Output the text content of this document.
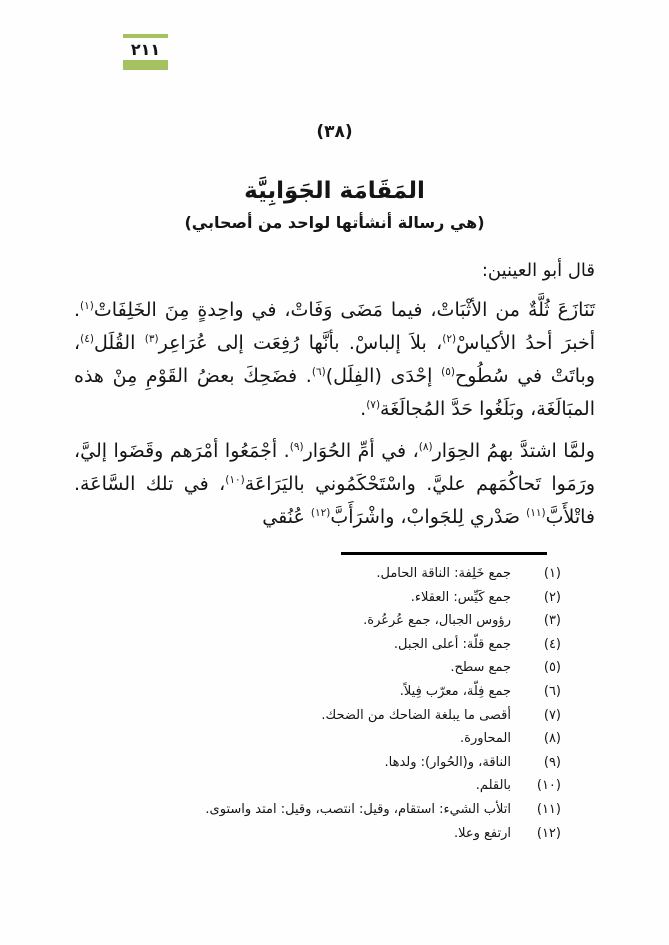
٢١١
(٣٨)
المَقَامَة الجَوَابِيَّة
(هي رسالة أنشأتها لواحد من أصحابي)
قال أبو العينين:

تَنَازَعَ ثُلَّةٌ من الأثْبَاتْ، فيما مَضَى وَفَاتْ، في واحِدةٍ مِنَ الخَلِفَاتْ$^{(١)}$. أخبرَ أحدُ الأكياسْ$^{(٢)}$، بلاَ إلباسْ. بأنَّها رُفِعَت إلى عُرَاعِر$^{(٣)}$ القُلَل$^{(٤)}$، وباتَتْ في سُطُوح$^{(٥)}$ إحْدَى (الفِلَل)$^{(٦)}$. فضَحِكَ بعضُ القَوْمِ مِنْ هذه المبَالَغَة، وبَلَغُوا حَدَّ المُجالَغَة$^{(٧)}$.

ولمَّا اشتدَّ بهمُ الحِوَار$^{(٨)}$، في أمِّ الحُوَار$^{(٩)}$. أجْمَعُوا أمْرَهم وقَضَوا إليَّ، ورَمَوا تَحاكُمَهم عليَّ. واسْتَحْكَمُوني باليَرَاعَة$^{(١٠)}$، في تلك السَّاعَة. فاتْلأَبَّ$^{(١١)}$ صَدْري لِلجَوابْ، واشْرَأَبَّ$^{(١٢)}$ عُنُقي

(١)
جمع خَلِفة: الناقة الحامل.
(٢)
جمع كَيِّس: العقلاء.
(٣)
رؤوس الجبال، جمع عُرعُرة.
(٤)
جمع قلّة: أعلى الجبل.
(٥)
جمع سطح.
(٦)
جمع فِلّة، معرّب فِيلاً.
(٧)
أقصى ما يبلغة الضاحك من الضحك.
(٨)
المحاورة.
(٩)
الناقة، و(الحُوار): ولدها.
(١٠)
بالقلم.
(١١)
اتلأب الشيء: استقام، وقيل: انتصب، وقيل: امتد واستوى.
(١٢)
ارتفع وعلا.
